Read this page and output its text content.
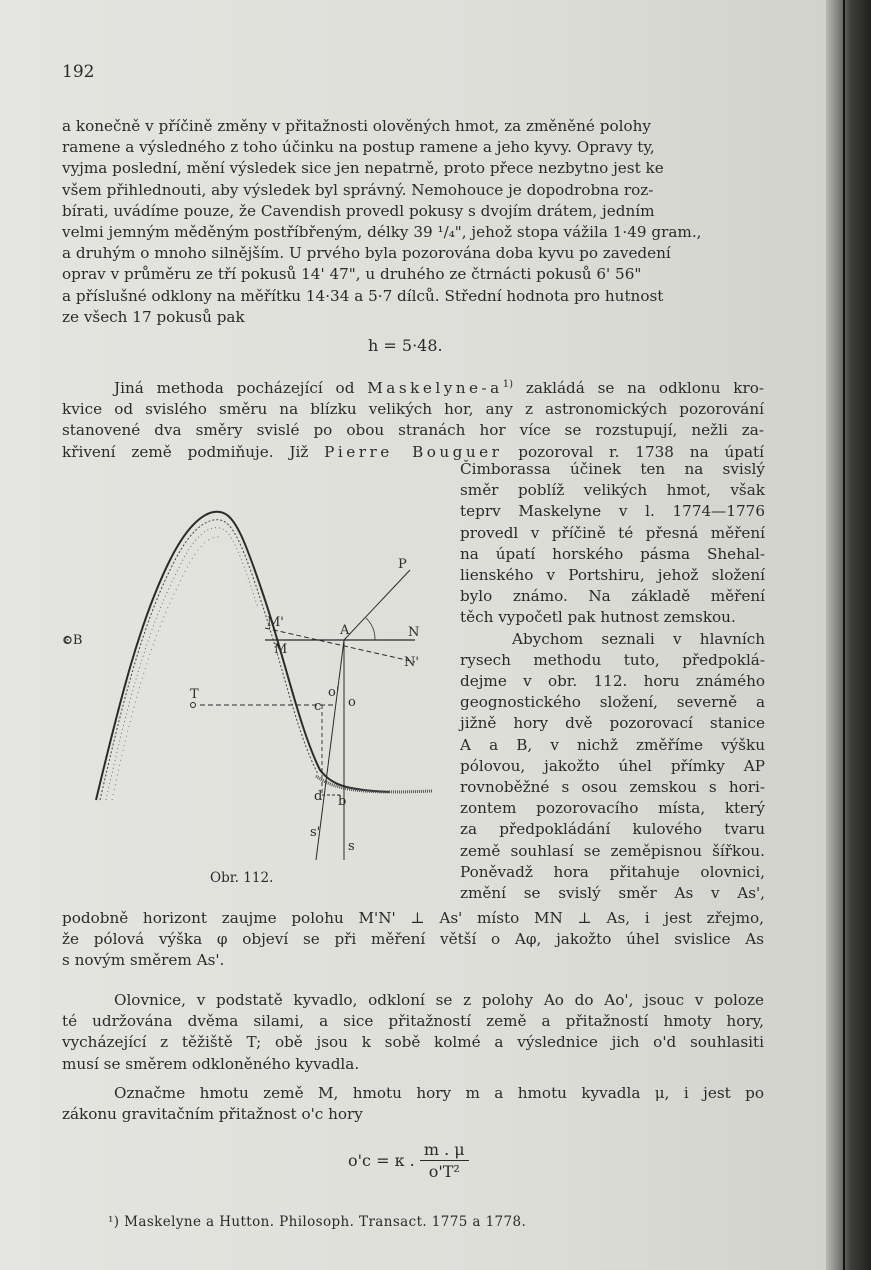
192

a konečně v příčině změny v přitažnosti olověných hmot, za změněné polohy

ramene a výsledného z toho účinku na postup ramene a jeho kyvy. Opravy ty,

vyjma poslední, mění výsledek sice jen nepatrně, proto přece nezbytno jest ke

všem přihlednouti, aby výsledek byl správný. Nemohouce je dopodrobna roz-

bírati, uvádíme pouze, že Cavendish provedl pokusy s dvojím drátem, jedním

velmi jemným měděným postříbřeným, délky 39 ¹/₄", jehož stopa vážila 1·49 gram.,

a druhým o mnoho silnějším. U prvého byla pozorována doba kyvu po zavedení

oprav v průměru ze tří pokusů 14' 47", u druhého ze čtrnácti pokusů 6' 56"

a příslušné odklony na měřítku 14·34 a 5·7 dílců. Střední hodnota pro hutnost

ze všech 17 pokusů pak

h = 5·48.

Jiná methoda pocházející od Maskelyne-$a^{1)}$ zakládá se na odklonu kro-

kvice od svislého směru na blízku velikých hor, any z astronomických pozorování

stanovené dva směry svislé po obou stranách hor více se rozstupují, nežli za-

křivení země podmiňuje. Již Pierre Bouguer pozoroval r. 1738 na úpatí

Čimborassa účinek ten na svislý

směr poblíž velikých hmot, však

teprv Maskelyne v l. 1774—1776

provedl v příčině té přesná měření

na úpatí horského pásma Shehal-

lienského v Portshiru, jehož složení

bylo známo. Na základě měření

těch vypočetl pak hutnost zemskou.

Abychom seznali v hlavních

rysech methodu tuto, předpoklá-

dejme v obr. 112. horu známého

geognostického složení, severně a

jižně hory dvě pozorovací stanice

A a B, v nichž změříme výšku

pólovou, jakožto úhel přímky AP

rovnoběžné s osou zemskou s hori-

zontem pozorovacího místa, který

za předpokládání kulového tvaru

země souhlasí se zeměpisnou šířkou.

Poněvadž hora přitahuje olovnici,

změní se svislý směr As v As',

⊙B
P
A	N
N'
M
M'
T
o
o'
c
d b
s'
s
Obr. 112.

podobně horizont zaujme polohu M'N' ⊥ As' místo MN ⊥ As, i jest zřejmo,

že pólová výška φ objeví se při měření větší o Aφ, jakožto úhel svislice As

s novým směrem As'.

Olovnice, v podstatě kyvadlo, odkloní se z polohy Ao do Ao', jsouc v poloze

té udržována dvěma silami, a sice přitažností země a přitažností hmoty hory,

vycházející z těžiště T; obě jsou k sobě kolmé a výslednice jich o'd souhlasiti

musí se směrem odkloněného kyvadla.

Označme hmotu země M, hmotu hory m a hmotu kyvadla μ, i jest po

zákonu gravitačním přitažnost o'c hory

o'c = κ . $\frac{m . \mu}{\text{o'T²}}$
¹) Maskelyne a Hutton. Philosoph. Transact. 1775 a 1778.
